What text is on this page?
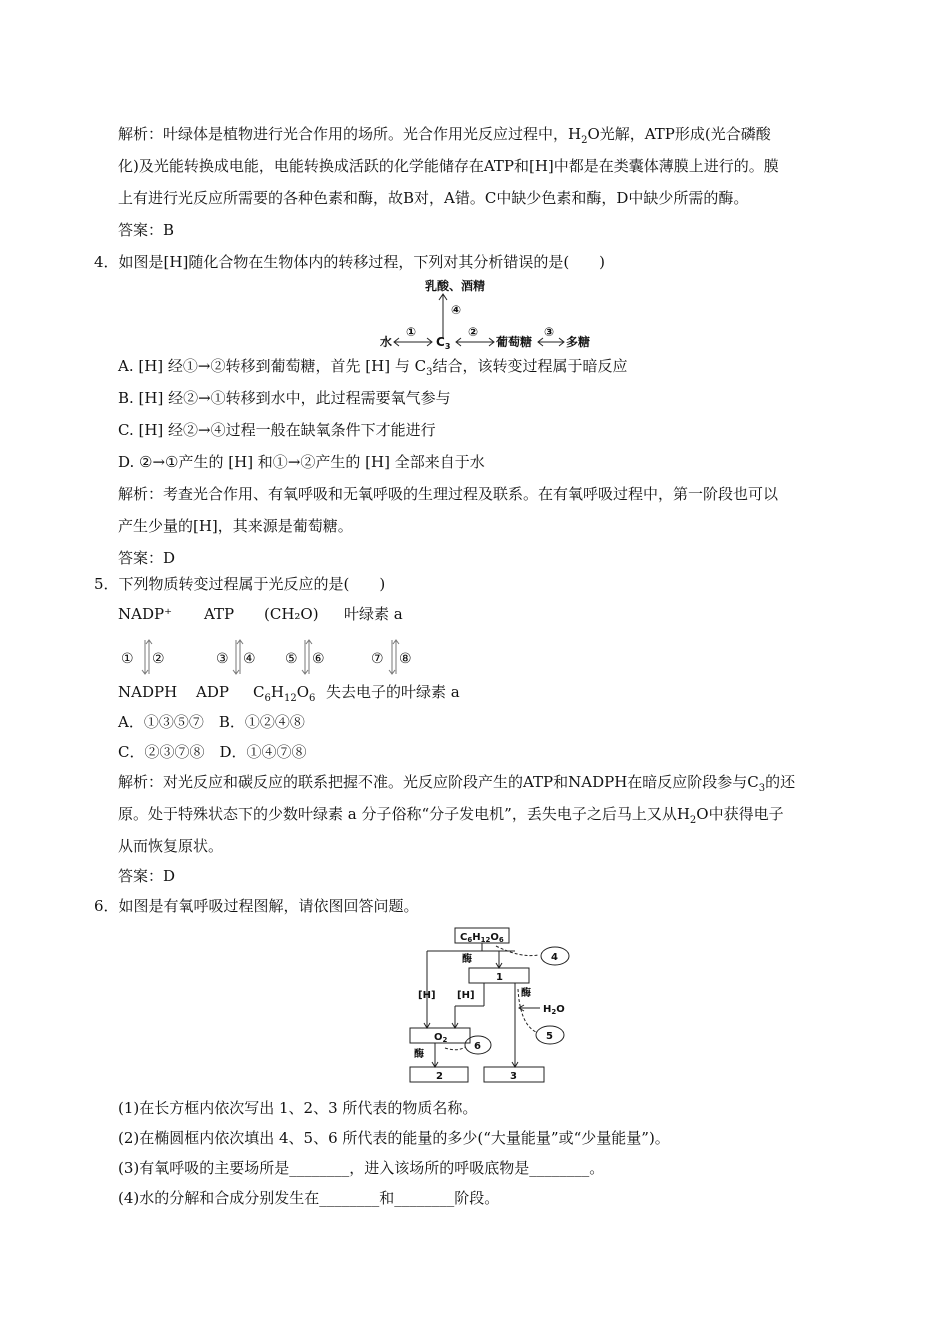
解析：叶绿体是植物进行光合作用的场所。光合作用光反应过程中，$H_2O$光解，ATP形成(光合磷酸
化)及光能转换成电能，电能转换成活跃的化学能储存在ATP和[H]中都是在类囊体薄膜上进行的。膜
上有进行光反应所需要的各种色素和酶，故B对，A错。C中缺少色素和酶，D中缺少所需的酶。
答案：B
4．如图是[H]随化合物在生物体内的转移过程，下列对其分析错误的是(　　)
乳酸、酒精
④
水
①
$C_3$
②
葡萄糖
③
多糖
A. [H] 经①→②转移到葡萄糖，首先 [H] 与 $C_3$结合，该转变过程属于暗反应
B. [H] 经②→①转移到水中，此过程需要氧气参与
C. [H] 经②→④过程一般在缺氧条件下才能进行
D. ②→①产生的 [H] 和①→②产生的 [H] 全部来自于水
解析：考查光合作用、有氧呼吸和无氧呼吸的生理过程及联系。在有氧呼吸过程中，第一阶段也可以
产生少量的[H]，其来源是葡萄糖。
答案：D
5．下列物质转变过程属于光反应的是(　　)
NADP⁺ ATP (CH₂O) 叶绿素 a
① ②	③ ④ ⑤ ⑥	⑦ ⑧
NADPH ADP $C_6H_{12}O_6$ 失去电子的叶绿素 a
A．①③⑤⑦　B．①②④⑧
C．②③⑦⑧　D．①④⑦⑧
解析：对光反应和碳反应的联系把握不准。光反应阶段产生的ATP和NADPH在暗反应阶段参与$C_3$的还
原。处于特殊状态下的少数叶绿素 a 分子俗称“分子发电机”，丢失电子之后马上又从$H_2O$中获得电子
从而恢复原状。
答案：D
6．如图是有氧呼吸过程图解，请依图回答问题。
$C_6H_{12}O_6$
酶
1
4
[H] [H]	酶
$H_2O$
5
$O_2$
酶
6
2	3
(1)在长方框内依次写出 1、2、3 所代表的物质名称。
(2)在椭圆框内依次填出 4、5、6 所代表的能量的多少(“大量能量”或“少量能量”)。
(3)有氧呼吸的主要场所是________，进入该场所的呼吸底物是________。
(4)水的分解和合成分别发生在________和________阶段。
